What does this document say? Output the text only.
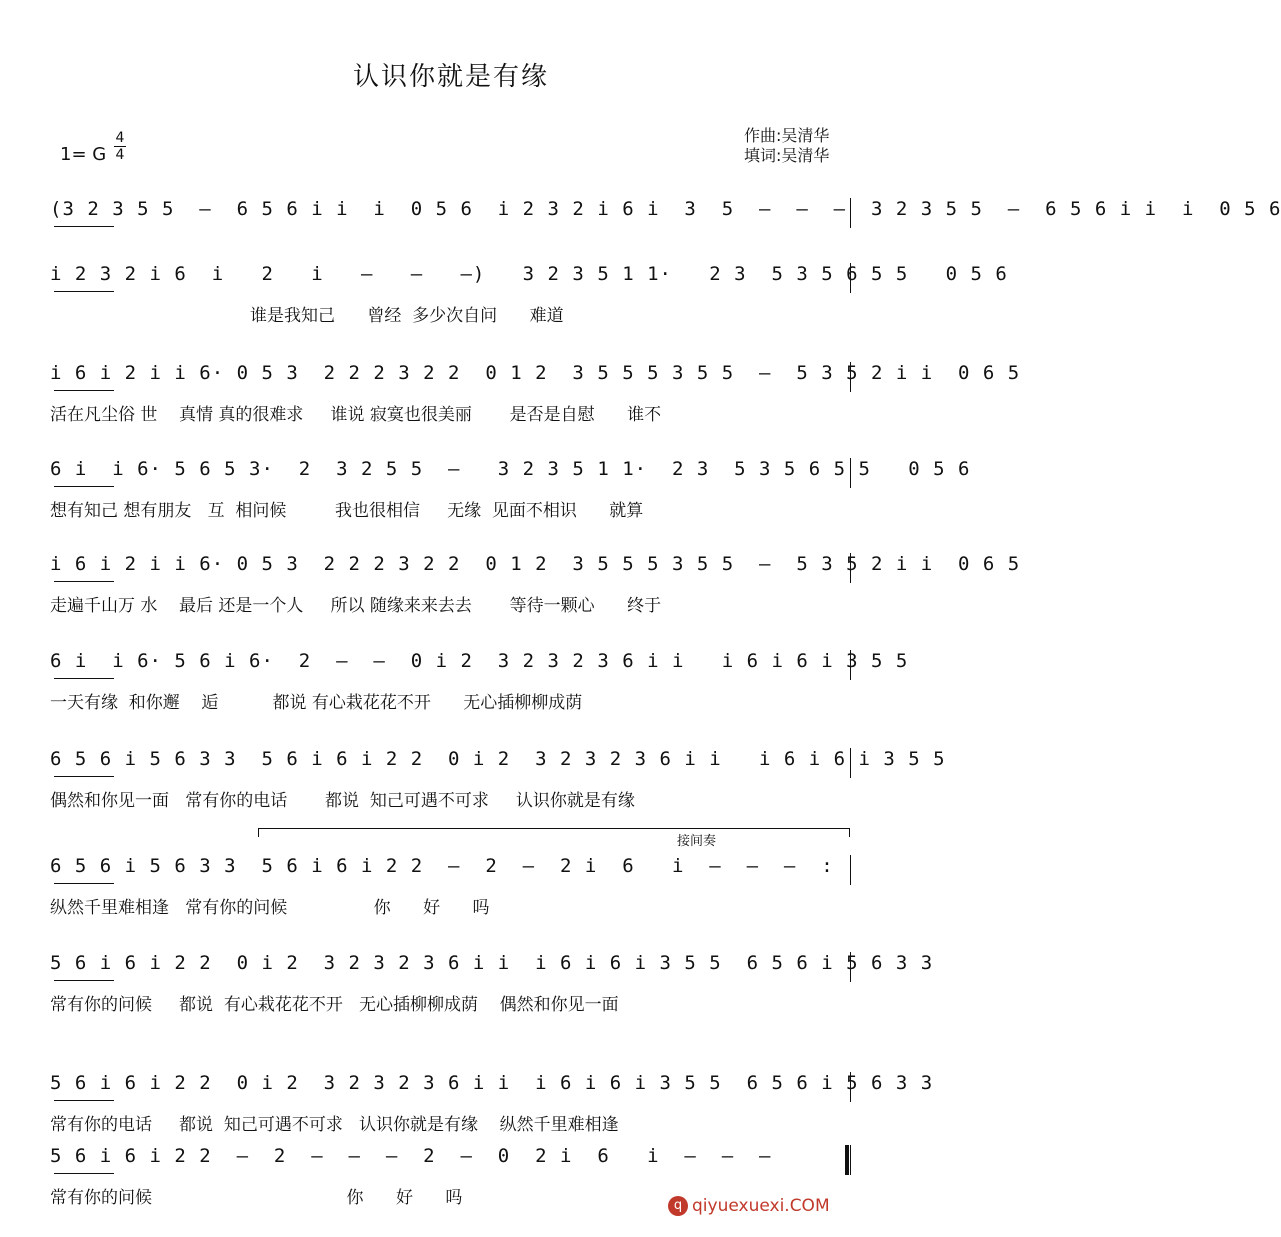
认识你就是有缘
1= G
4
4
作曲:吴清华
填词:吴清华
(3 2 3 5 5  –  6 5 6 i i  i  0 5 6  i 2 3 2 i 6 i  3  5  –  –  –  3 2 3 5 5  –  6 5 6 i i  i  0 5 6
i 2 3 2 i 6  i   2   i   –   –   –)   3 2 3 5 1 1·   2 3  5 3 5 6 5 5   0 5 6
谁是我知己      曾经  多少次自问      难道
i 6 i 2 i i 6· 0 5 3  2 2 2 3 2 2  0 1 2  3 5 5 5 3 5 5  –  5 3 5 2 i i  0 6 5
活在凡尘俗 世    真情 真的很难求     谁说 寂寞也很美丽       是否是自慰      谁不
6 i  i 6· 5 6 5 3·  2  3 2 5 5  –   3 2 3 5 1 1·  2 3  5 3 5 6 5 5   0 5 6
想有知己 想有朋友   互  相问候         我也很相信     无缘  见面不相识      就算
i 6 i 2 i i 6· 0 5 3  2 2 2 3 2 2  0 1 2  3 5 5 5 3 5 5  –  5 3 5 2 i i  0 6 5
走遍千山万 水    最后 还是一个人     所以 随缘来来去去       等待一颗心      终于
6 i  i 6· 5 6 i 6·  2  –  –  0 i 2  3 2 3 2 3 6 i i   i 6 i 6 i 3 5 5
一天有缘  和你邂    逅          都说 有心栽花花不开      无心插柳柳成荫
6 5 6 i 5 6 3 3  5 6 i 6 i 2 2  0 i 2  3 2 3 2 3 6 i i   i 6 i 6 i 3 5 5
偶然和你见一面   常有你的电话       都说  知己可遇不可求     认识你就是有缘
6 5 6 i 5 6 3 3  5 6 i 6 i 2 2  –  2  –  2 i  6   i  –  –  –  :
纵然千里难相逢   常有你的问候                你      好      吗
5 6 i 6 i 2 2  0 i 2  3 2 3 2 3 6 i i  i 6 i 6 i 3 5 5  6 5 6 i 5 6 3 3
常有你的问候     都说  有心栽花花不开   无心插柳柳成荫    偶然和你见一面
5 6 i 6 i 2 2  0 i 2  3 2 3 2 3 6 i i  i 6 i 6 i 3 5 5  6 5 6 i 5 6 3 3
常有你的电话     都说  知己可遇不可求   认识你就是有缘    纵然千里难相逢
5 6 i 6 i 2 2  –  2  –  –  –  2  –  0  2 i  6   i  –  –  –
常有你的问候                                    你      好      吗
接间奏
q qiyuexuexi.COM
